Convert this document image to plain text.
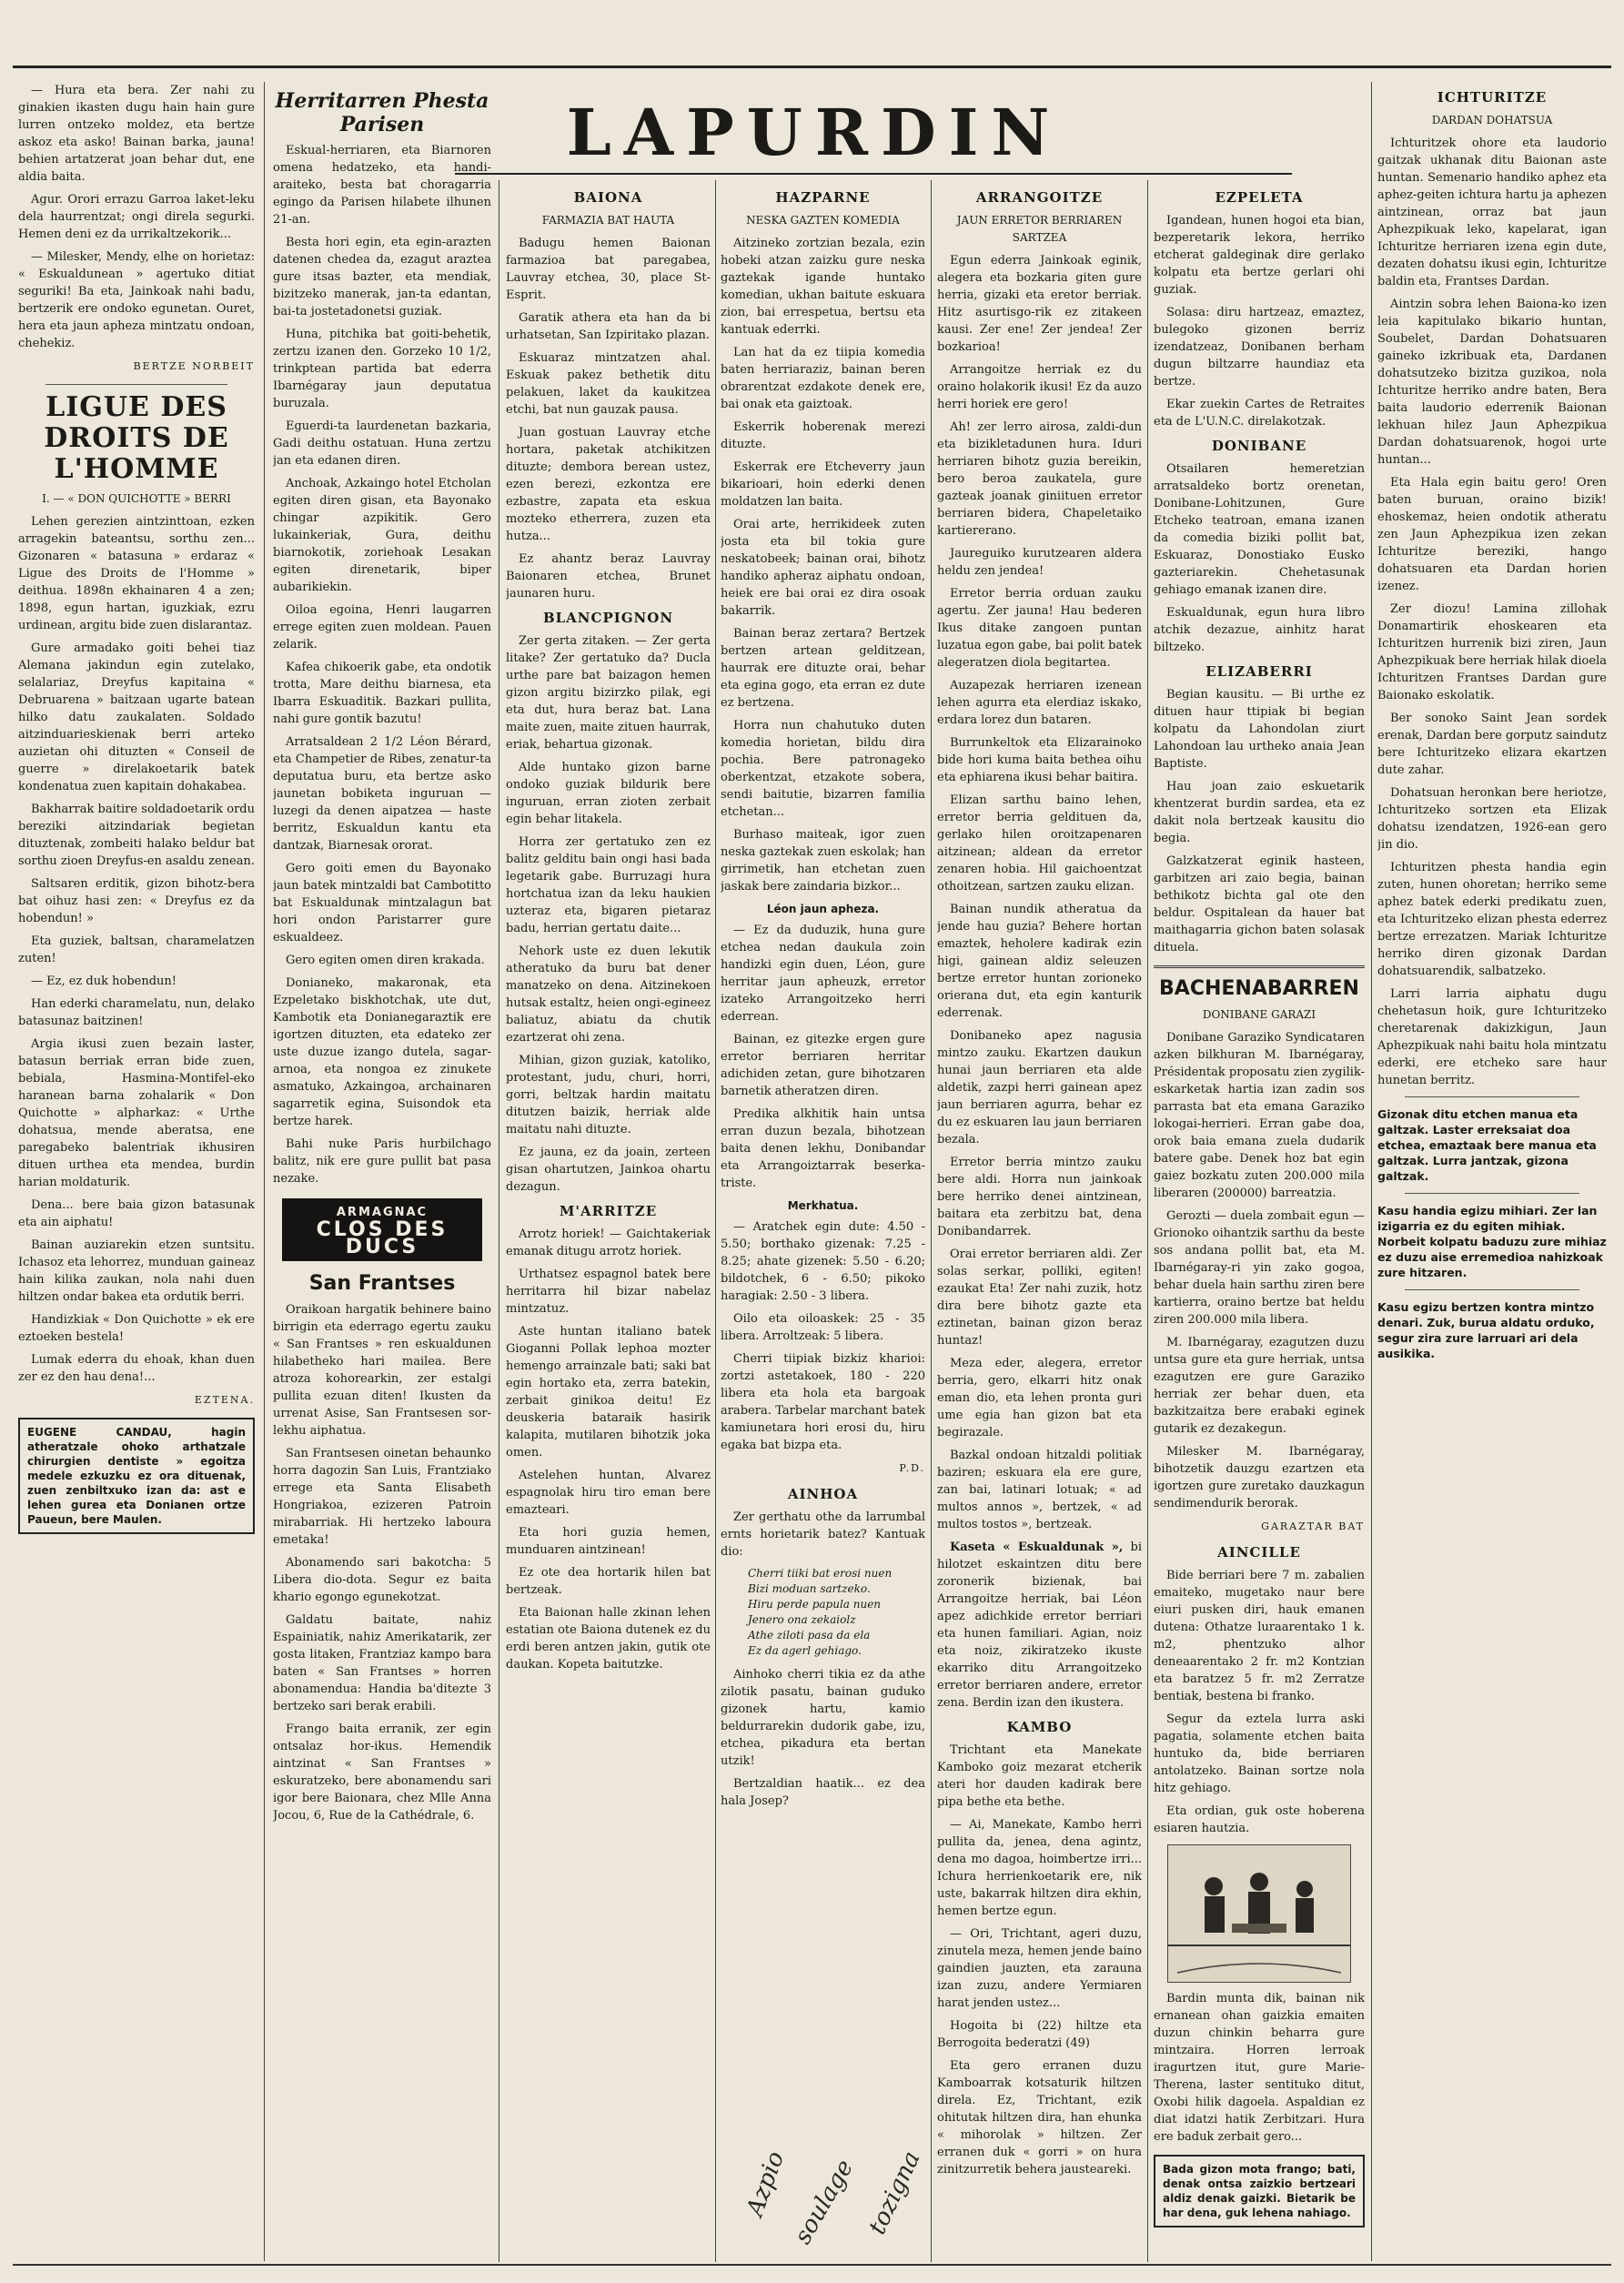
LAPURDIN

— Hura eta bera. Zer nahi zu ginakien ikasten dugu hain hain gure lurren ontzeko moldez, eta bertze askoz eta asko! Bainan barka, jauna! behien artatzerat joan behar dut, ene aldia baita.

Agur. Orori errazu Garroa laket-leku dela haurrentzat; ongi direla segurki. Hemen deni ez da urrikaltzekorik...

— Milesker, Mendy, elhe on horietaz: « Eskualdunean » agertuko ditiat seguriki! Ba eta, Jainkoak nahi badu, bertzerik ere ondoko egunetan. Ouret, hera eta jaun apheza mintzatu ondoan, chehekiz.

BERTZE NORBEIT
LIGUE DES DROITS DE L'HOMME
I. — « DON QUICHOTTE » BERRI

Lehen gerezien aintzinttoan, ezken arragekin bateantsu, sorthu zen... Gizonaren « batasuna » erdaraz « Ligue des Droits de l'Homme » deithua. 1898n ekhainaren 4 a zen; 1898, egun hartan, iguzkiak, ezru urdinean, argitu bide zuen dislarantaz.

Gure armadako goiti behei tiaz Alemana jakindun egin zutelako, selalariaz, Dreyfus kapitaina « Debruarena » baitzaan ugarte batean hilko datu zaukalaten. Soldado aitzinduarieskienak berri arteko auzietan ohi dituzten « Conseil de guerre » direlakoetarik batek kondenatua zuen kapitain dohakabea.

Bakharrak baitire soldadoetarik ordu bereziki aitzindariak begietan dituztenak, zombeiti halako beldur bat sorthu zioen Dreyfus-en asaldu zenean.

Saltsaren erditik, gizon bihotz-bera bat oihuz hasi zen: « Dreyfus ez da hobendun! »

Eta guziek, baltsan, charamelatzen zuten!

— Ez, ez duk hobendun!

Han ederki charamelatu, nun, delako batasunaz baitzinen!

Argia ikusi zuen bezain laster, batasun berriak erran bide zuen, bebiala, Hasmina-Montifel-eko haranean barna zohalarik « Don Quichotte » alpharkaz: « Urthe dohatsua, mende aberatsa, ene paregabeko balentriak ikhusiren dituen urthea eta mendea, burdin harian moldaturik.

Dena... bere baia gizon batasunak eta ain aiphatu!

Bainan auziarekin etzen suntsitu. Ichasoz eta lehorrez, munduan gaineaz hain kilika zaukan, nola nahi duen hiltzen ondar bakea eta ordutik berri.

Handizkiak « Don Quichotte » ek ere eztoeken bestela!

Lumak ederra du ehoak, khan duen zer ez den hau dena!...

EZTENA.
EUGENE CANDAU, hagin atheratzale ohoko arthatzale chirurgien dentiste » egoitza medele ezkuzku ez ora dituenak, zuen zenbiltxuko izan da: ast e lehen gurea eta Donianen ortze Paueun, bere Maulen.
Herritarren Phesta Parisen

Eskual-herriaren, eta Biarnoren omena hedatzeko, eta handi-araiteko, besta bat choragarria egingo da Parisen hilabete ilhunen 21-an.

Besta hori egin, eta egin-arazten datenen chedea da, ezagut araztea gure itsas bazter, eta mendiak, bizitzeko manerak, jan-ta edantan, bai-ta jostetadonetsi guziak.

Huna, pitchika bat goiti-behetik, zertzu izanen den. Gorzeko 10 1/2, trinkptean partida bat ederra Ibarnégaray jaun deputatua buruzala.

Eguerdi-ta laurdenetan bazkaria, Gadi deithu ostatuan. Huna zertzu jan eta edanen diren.

Anchoak, Azkaingo hotel Etcholan egiten diren gisan, eta Bayonako chingar azpikitik. Gero lukainkeriak, Gura, deithu biarnokotik, zoriehoak Lesakan egiten direnetarik, biper aubarikiekin.

Oiloa egoina, Henri laugarren errege egiten zuen moldean. Pauen zelarik.

Kafea chikoerik gabe, eta ondotik trotta, Mare deithu biarnesa, eta Ibarra Eskuaditik. Bazkari pullita, nahi gure gontik bazutu!

Arratsaldean 2 1/2 Léon Bérard, eta Champetier de Ribes, zenatur-ta deputatua buru, eta bertze asko jaunetan bobiketa inguruan — luzegi da denen aipatzea — haste berritz, Eskualdun kantu eta dantzak, Biarnesak ororat.

Gero goiti emen du Bayonako jaun batek mintzaldi bat Cambotitto bat Eskualdunak mintzalagun bat hori ondon Paristarrer gure eskualdeez.

Gero egiten omen diren krakada.

Donianeko, makaronak, eta Ezpeletako biskhotchak, ute dut, Kambotik eta Donianegaraztik ere igortzen dituzten, eta edateko zer uste duzue izango dutela, sagar-arnoa, eta nongoa ez zinukete asmatuko, Azkaingoa, archainaren sagarretik egina, Suisondok eta bertze harek.

Bahi nuke Paris hurbilchago balitz, nik ere gure pullit bat pasa nezake.

ARMAGNAC
CLOS DES DUCS
San Frantses

Oraikoan hargatik behinere baino birrigin eta ederrago egertu zauku « San Frantses » ren eskualdunen hilabetheko hari mailea. Bere atroza kohorearkin, zer estalgi pullita ezuan diten! Ikusten da urrenat Asise, San Frantsesen sor-lekhu aiphatua.

San Frantsesen oinetan behaunko horra dagozin San Luis, Frantziako errege eta Santa Elisabeth Hongriakoa, ezizeren Patroin mirabarriak. Hi hertzeko laboura emetaka!

Abonamendo sari bakotcha: 5 Libera dio-dota. Segur ez baita khario egongo egunekotzat.

Galdatu baitate, nahiz Espainiatik, nahiz Amerikatarik, zer gosta litaken, Frantziaz kampo bara baten « San Frantses » horren abonamendua: Handia ba'ditezte 3 bertzeko sari berak erabili.

Frango baita erranik, zer egin ontsalaz hor-ikus. Hemendik aintzinat « San Frantses » eskuratzeko, bere abonamendu sari igor bere Baionara, chez Mlle Anna Jocou, 6, Rue de la Cathédrale, 6.

BAIONA
FARMAZIA BAT HAUTA

Badugu hemen Baionan farmazioa bat paregabea, Lauvray etchea, 30, place St-Esprit.

Garatik athera eta han da bi urhatsetan, San Izpiritako plazan.

Eskuaraz mintzatzen ahal. Eskuak pakez bethetik ditu pelakuen, laket da kaukitzea etchi, bat nun gauzak pausa.

Juan gostuan Lauvray etche hortara, paketak atchikitzen dituzte; dembora berean ustez, ezen berezi, ezkontza ere ezbastre, zapata eta eskua mozteko etherrera, zuzen eta hutza...

Ez ahantz beraz Lauvray Baionaren etchea, Brunet jaunaren huru.

BLANCPIGNON

Zer gerta zitaken. — Zer gerta litake? Zer gertatuko da? Ducla urthe pare bat baizagon hemen gizon argitu bizirzko pilak, egi eta dut, hura beraz bat. Lana maite zuen, maite zituen haurrak, eriak, behartua gizonak.

Alde huntako gizon barne ondoko guziak bildurik bere inguruan, erran zioten zerbait egin behar litakela.

Horra zer gertatuko zen ez balitz gelditu bain ongi hasi bada legetarik gabe. Burruzagi hura hortchatua izan da leku haukien uzteraz eta, bigaren pietaraz badu, herrian gertatu daite...

Nehork uste ez duen lekutik atheratuko da buru bat dener manatzeko on dena. Aitzinekoen hutsak estaltz, heien ongi-egineez baliatuz, abiatu da chutik ezartzerat ohi zena.

Mihian, gizon guziak, katoliko, protestant, judu, churi, horri, gorri, beltzak hardin maitatu ditutzen baizik, herriak alde maitatu nahi dituzte.

Ez jauna, ez da joain, zerteen gisan ohartutzen, Jainkoa ohartu dezagun.

M'ARRITZE

Arrotz horiek! — Gaichtakeriak emanak ditugu arrotz horiek.

Urthatsez espagnol batek bere herritarra hil bizar nabelaz mintzatuz.

Aste huntan italiano batek Gioganni Pollak lephoa mozter hemengo arrainzale bati; saki bat egin hortako eta, zerra batekin, zerbait ginikoa deitu! Ez deuskeria bataraik hasirik kalapita, mutilaren bihotzik joka omen.

Astelehen huntan, Alvarez espagnolak hiru tiro eman bere emazteari.

Eta hori guzia hemen, munduaren aintzinean!

Ez ote dea hortarik hilen bat bertzeak.

Eta Baionan halle zkinan lehen estatian ote Baiona dutenek ez du erdi beren antzen jakin, gutik ote daukan. Kopeta baitutzke.

HAZPARNE
NESKA GAZTEN KOMEDIA

Aitzineko zortzian bezala, ezin hobeki atzan zaizku gure neska gaztekak igande huntako komedian, ukhan baitute eskuara zion, bai errespetua, bertsu eta kantuak ederrki.

Lan hat da ez tiipia komedia baten herriaraziz, bainan beren obrarentzat ezdakote denek ere, bai onak eta gaiztoak.

Eskerrik hoberenak merezi dituzte.

Eskerrak ere Etcheverry jaun bikarioari, hoin ederki denen moldatzen lan baita.

Orai arte, herrikideek zuten josta eta bil tokia gure neskatobeek; bainan orai, bihotz handiko apheraz aiphatu ondoan, heiek ere bai orai ez dira osoak bakarrik.

Bainan beraz zertara? Bertzek bertzen artean gelditzean, haurrak ere dituzte orai, behar eta egina gogo, eta erran ez dute ez bertzena.

Horra nun chahutuko duten komedia horietan, bildu dira pochia. Bere patronageko oberkentzat, etzakote sobera, sendi baitutie, bizarren familia etchetan...

Burhaso maiteak, igor zuen neska gaztekak zuen eskolak; han girrimetik, han etchetan zuen jaskak bere zaindaria bizkor...

Léon jaun apheza.

— Ez da duduzik, huna gure etchea nedan daukula zoin handizki egin duen, Léon, gure herritar jaun apheuzk, erretor izateko Arrangoitzeko herri ederrean.

Bainan, ez gitezke ergen gure erretor berriaren herritar adichiden zetan, gure bihotzaren barnetik atheratzen diren.

Predika alkhitik hain untsa erran duzun bezala, bihotzean baita denen lekhu, Donibandar eta Arrangoiztarrak beserka-triste.

Merkhatua.

— Aratchek egin dute: 4.50 - 5.50; borthako gizenak: 7.25 - 8.25; ahate gizenek: 5.50 - 6.20; bildotchek, 6 - 6.50; pikoko haragiak: 2.50 - 3 libera.

Oilo eta oiloaskek: 25 - 35 libera. Arroltzeak: 5 libera.

Cherri tiipiak bizkiz kharioi: zortzi astetakoek, 180 - 220 libera eta hola eta bargoak arabera. Tarbelar marchant batek kamiunetara hori erosi du, hiru egaka bat bizpa eta.

P.D.
AINHOA

Zer gerthatu othe da larrumbal ernts horietarik batez? Kantuak dio:

Cherri tiiki bat erosi nuen
Bizi moduan sartzeko.
Hiru perde papula nuen
Jenero ona zekaiolz
Athe ziloti pasa da ela
Ez da agerl gehiago.

Ainhoko cherri tikia ez da athe zilotik pasatu, bainan guduko gizonek hartu, kamio beldurrarekin dudorik gabe, izu, etchea, pikadura eta bertan utzik!

Bertzaldian haatik... ez dea hala Josep?

ARRANGOITZE
JAUN ERRETOR BERRIAREN SARTZEA

Egun ederra Jainkoak eginik, alegera eta bozkaria giten gure herria, gizaki eta eretor berriak. Hitz asurtisgo-rik ez zitakeen kausi. Zer ene! Zer jendea! Zer bozkarioa!

Arrangoitze herriak ez du oraino holakorik ikusi! Ez da auzo herri horiek ere gero!

Ah! zer lerro airosa, zaldi-dun eta bizikletadunen hura. Iduri herriaren bihotz guzia bereikin, bero beroa zaukatela, gure gazteak joanak giniituen erretor berriaren bidera, Chapeletaiko kartiererano.

Jaureguiko kurutzearen aldera heldu zen jendea!

Erretor berria orduan zauku agertu. Zer jauna! Hau bederen Ikus ditake zangoen puntan luzatua egon gabe, bai polit batek alegeratzen diola begitartea.

Auzapezak herriaren izenean lehen agurra eta elerdiaz iskako, erdara lorez dun bataren.

Burrunkeltok eta Elizarainoko bide hori kuma baita bethea oihu eta ephiarena ikusi behar baitira.

Elizan sarthu baino lehen, erretor berria geldituen da, gerlako hilen oroitzapenaren aitzinean; aldean da erretor zenaren hobia. Hil gaichoentzat othoitzean, sartzen zauku elizan.

Bainan nundik atheratua da jende hau guzia? Behere hortan emaztek, heholere kadirak ezin higi, gainean aldiz seleuzen bertze erretor huntan zorioneko orierana dut, eta egin kanturik ederrenak.

Donibaneko apez nagusia mintzo zauku. Ekartzen daukun hunai jaun berriaren eta alde aldetik, zazpi herri gainean apez jaun berriaren agurra, behar ez du ez eskuaren lau jaun berriaren bezala.

Erretor berria mintzo zauku bere aldi. Horra nun jainkoak bere herriko denei aintzinean, baitara eta zerbitzu bat, dena Donibandarrek.

Orai erretor berriaren aldi. Zer solas serkar, polliki, egiten! ezaukat Eta! Zer nahi zuzik, hotz dira bere bihotz gazte eta eztinetan, bainan gizon beraz huntaz!

Meza eder, alegera, erretor berria, gero, elkarri hitz onak eman dio, eta lehen pronta guri ume egia han gizon bat eta begirazale.

Bazkal ondoan hitzaldi politiak baziren; eskuara ela ere gure, zan bai, latinari lotuak; « ad multos annos », bertzek, « ad multos tostos », bertzeak.

Kaseta « Eskualdunak », bi hilotzet eskaintzen ditu bere zoronerik bizienak, bai Arrangoitze herriak, bai Léon apez adichkide erretor berriari eta hunen familiari. Agian, noiz eta noiz, zikiratzeko ikuste ekarriko ditu Arrangoitzeko erretor berriaren andere, erretor zena. Berdin izan den ikustera.

KAMBO

Trichtant eta Manekate Kamboko goiz mezarat etcherik ateri hor dauden kadirak bere pipa bethe eta bethe.

— Ai, Manekate, Kambo herri pullita da, jenea, dena agintz, dena mo dagoa, hoimbertze irri... Ichura herrienkoetarik ere, nik uste, bakarrak hiltzen dira ekhin, hemen bertze egun.

— Ori, Trichtant, ageri duzu, zinutela meza, hemen jende baino gaindien jauzten, eta zarauna izan zuzu, andere Yermiaren harat jenden ustez...

Hogoita bi (22) hiltze eta Berrogoita bederatzi (49)

Eta gero erranen duzu Kamboarrak kotsaturik hiltzen direla. Ez, Trichtant, ezik ohitutak hiltzen dira, han ehunka « mihorolak » hiltzen. Zer erranen duk « gorri » on hura zinitzurretik behera jausteareki.

EZPELETA

Igandean, hunen hogoi eta bian, bezperetarik lekora, herriko etcherat galdeginak dire gerlako kolpatu eta bertze gerlari ohi guziak.

Solasa: diru hartzeaz, emaztez, bulegoko gizonen berriz izendatzeaz, Donibanen berham dugun biltzarre haundiaz eta bertze.

Ekar zuekin Cartes de Retraites eta de L'U.N.C. direlakotzak.

DONIBANE

Otsailaren hemeretzian arratsaldeko bortz orenetan, Donibane-Lohitzunen, Gure Etcheko teatroan, emana izanen da comedia biziki pollit bat, Eskuaraz, Donostiako Eusko gazteriarekin. Chehetasunak gehiago emanak izanen dire.

Eskualdunak, egun hura libro atchik dezazue, ainhitz harat biltzeko.

ELIZABERRI

Begian kausitu. — Bi urthe ez dituen haur ttipiak bi begian kolpatu da Lahondolan ziurt Lahondoan lau urtheko anaia Jean Baptiste.

Hau joan zaio eskuetarik khentzerat burdin sardea, eta ez dakit nola bertzeak kausitu dio begia.

Galzkatzerat eginik hasteen, garbitzen ari zaio begia, bainan bethikotz bichta gal ote den beldur. Ospitalean da hauer bat maithagarria gichon baten solasak dituela.

BACHENABARREN
DONIBANE GARAZI

Donibane Garaziko Syndicataren azken bilkhuran M. Ibarnégaray, Présidentak proposatu zien zygilik-eskarketak hartia izan zadin sos parrasta bat eta emana Garaziko lokogai-herrieri. Erran gabe doa, orok baia emana zuela dudarik batere gabe. Denek hoz bat egin gaiez bozkatu zuten 200.000 mila liberaren (200000) barreatzia.

Gerozti — duela zombait egun — Grionoko oihantzik sarthu da beste sos andana pollit bat, eta M. Ibarnégaray-ri yin zako gogoa, behar duela hain sarthu ziren bere kartierra, oraino bertze bat heldu ziren 200.000 mila libera.

M. Ibarnégaray, ezagutzen duzu untsa gure eta gure herriak, untsa ezagutzen ere gure Garaziko herriak zer behar duen, eta bazkitzaitza bere erabaki eginek gutarik ez dezakegun.

Milesker M. Ibarnégaray, bihotzetik dauzgu ezartzen eta igortzen gure zuretako dauzkagun sendimendurik berorak.

GARAZTAR BAT
AINCILLE

Bide berriari bere 7 m. zabalien emaiteko, mugetako naur bere eiuri pusken diri, hauk emanen dutena: Othatze luraarentako 1 k. m2, phentzuko alhor deneaarentako 2 fr. m2 Kontzian eta baratzez 5 fr. m2 Zerratze bentiak, bestena bi franko.

Segur da eztela lurra aski pagatia, solamente etchen baita huntuko da, bide berriaren antolatzeko. Bainan sortze nola hitz gehiago.

Eta ordian, guk oste hoberena esiaren hautzia.

Bardin munta dik, bainan nik ernanean ohan gaizkia emaiten duzun chinkin beharra gure mintzaira. Horren lerroak iragurtzen itut, gure Marie-Therena, laster sentituko ditut, Oxobi hilik dagoela. Aspaldian ez diat idatzi hatik Zerbitzari. Hura ere baduk zerbait gero...

Bada gizon mota frango; bati, denak ontsa zaizkio bertzeari aldiz denak gaizki. Bietarik be har dena, guk lehena nahiago.
ICHTURITZE
DARDAN DOHATSUA

Ichturitzek ohore eta laudorio gaitzak ukhanak ditu Baionan aste huntan. Semenario handiko aphez eta aphez-geiten ichtura hartu ja aphezen aintzinean, orraz bat jaun Aphezpikuak leko, kapelarat, igan Ichturitze herriaren izena egin dute, dezaten dohatsu ikusi egin, Ichturitze baldin eta, Frantses Dardan.

Aintzin sobra lehen Baiona-ko izen leia kapitulako bikario huntan, Soubelet, Dardan Dohatsuaren gaineko izkribuak eta, Dardanen dohatsutzeko bizitza guzikoa, nola Ichturitze herriko andre baten, Bera baita laudorio ederrenik Baionan lekhuan hilez Jaun Aphezpikua Dardan dohatsuarenok, hogoi urte huntan...

Eta Hala egin baitu gero! Oren baten buruan, oraino bizik! ehoskemaz, heien ondotik atheratu zen Jaun Aphezpikua izen zekan Ichturitze bereziki, hango dohatsuaren eta Dardan horien izenez.

Zer diozu! Lamina zillohak Donamartirik ehoskearen eta Ichturitzen hurrenik bizi ziren, Jaun Aphezpikuak bere herriak hilak dioela Ichturitzen Frantses Dardan gure Baionako eskolatik.

Ber sonoko Saint Jean sordek erenak, Dardan bere gorputz saindutz bere Ichturitzeko elizara ekartzen dute zahar.

Dohatsuan heronkan bere heriotze, Ichturitzeko sortzen eta Elizak dohatsu izendatzen, 1926-ean gero jin dio.

Ichturitzen phesta handia egin zuten, hunen ohoretan; herriko seme aphez batek ederki predikatu zuen, eta Ichturitzeko elizan phesta ederrez bertze errezatzen. Mariak Ichturitze herriko diren gizonak Dardan dohatsuarendik, salbatzeko.

Larri larria aiphatu dugu chehetasun hoik, gure Ichturitzeko cheretarenak dakizkigun, Jaun Aphezpikuak nahi baitu hola mintzatu ederki, ere etcheko sare haur hunetan berritz.

Gizonak ditu etchen manua eta galtzak. Laster erreksaiat doa etchea, emaztaak bere manua eta galtzak. Lurra jantzak, gizona galtzak.
Kasu handia egizu mihiari. Zer lan izigarria ez du egiten mihiak. Norbeit kolpatu baduzu zure mihiaz ez duzu aise erremedioa nahizkoak zure hitzaren.
Kasu egizu bertzen kontra mintzo denari. Zuk, burua aldatu orduko, segur zira zure larruari ari dela ausikika.
Azpio soulage tozigna
